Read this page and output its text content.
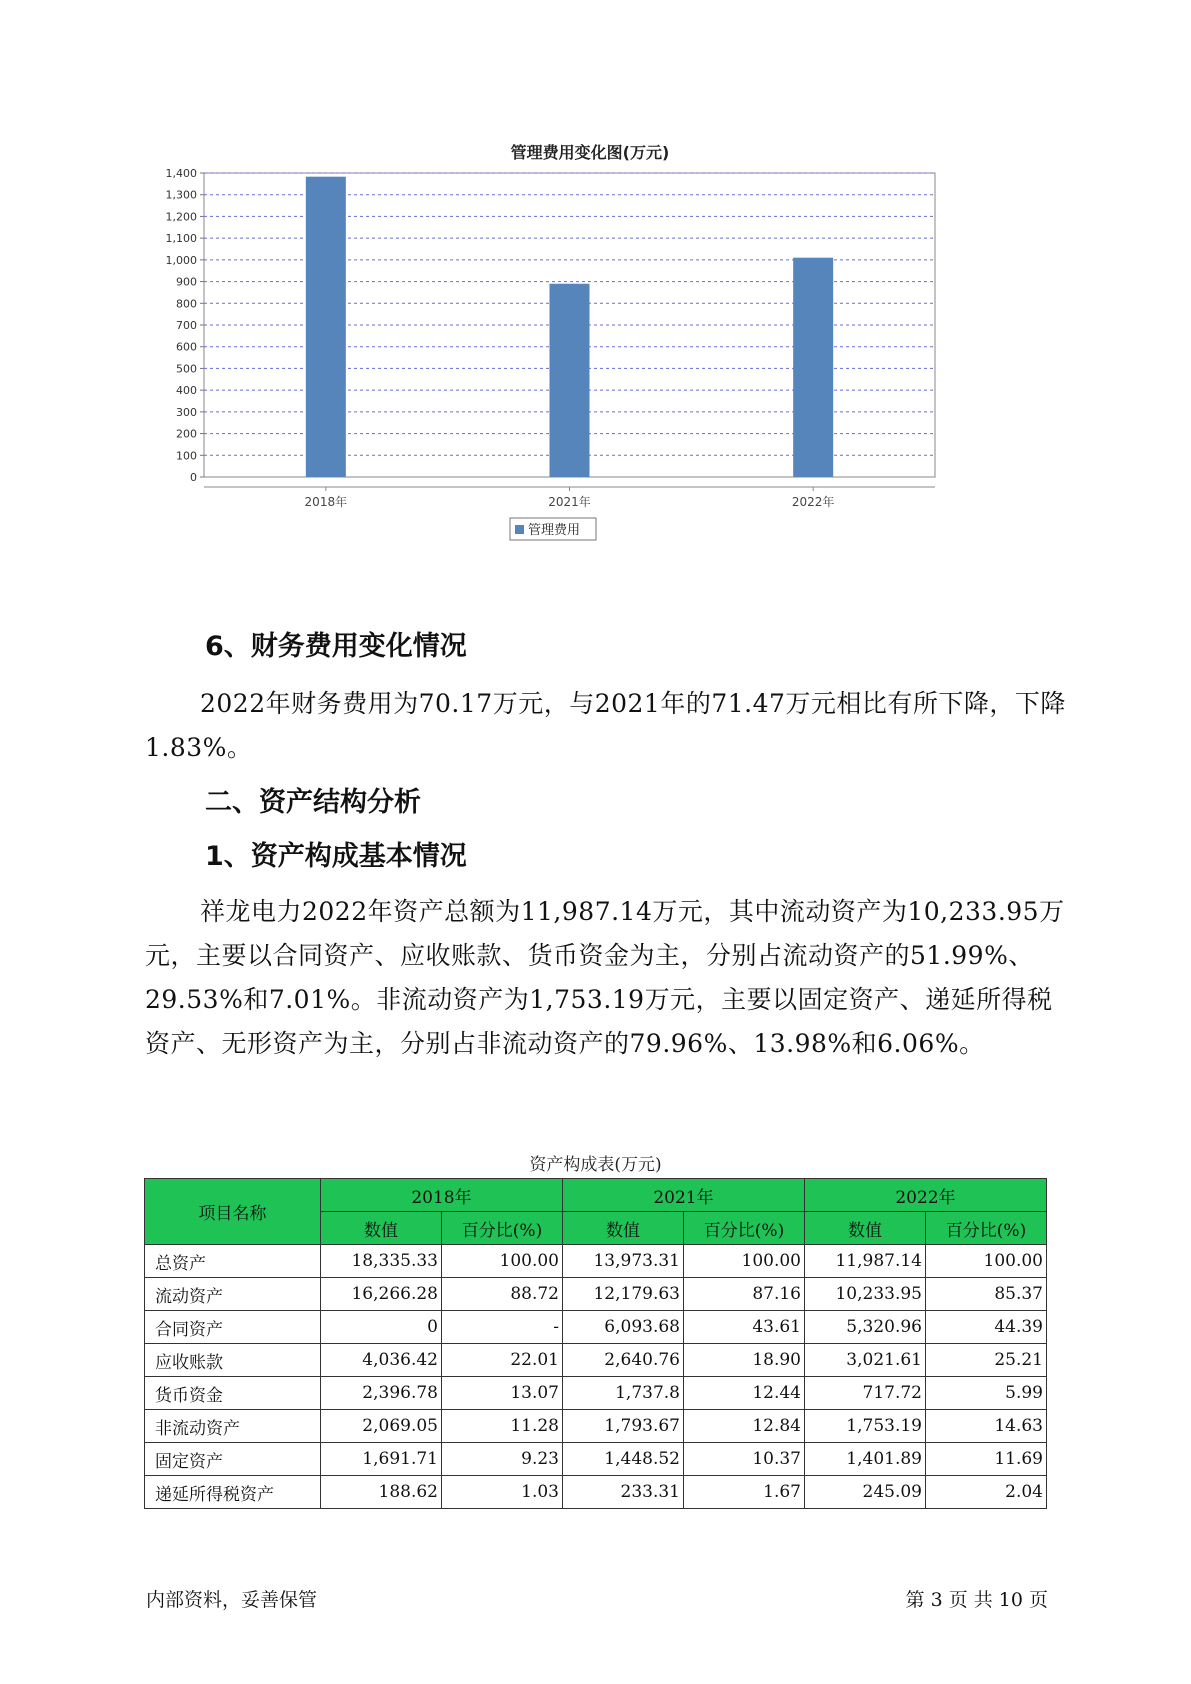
管理费用变化图(万元)
0
100
200
300
400
500
600
700
800
900
1,000
1,100
1,200
1,300
1,400
2018年	2021年	2022年
管理费用
6、财务费用变化情况
2022年财务费用为70.17万元，与2021年的71.47万元相比有所下降，下降1.83%。
二、资产结构分析
1、资产构成基本情况
祥龙电力2022年资产总额为11,987.14万元，其中流动资产为10,233.95万元，主要以合同资产、应收账款、货币资金为主，分别占流动资产的51.99%、29.53%和7.01%。非流动资产为1,753.19万元，主要以固定资产、递延所得税资产、无形资产为主，分别占非流动资产的79.96%、13.98%和6.06%。
资产构成表(万元)
项目名称	2018年		2021年		2022年	
	数值	百分比(%)	数值	百分比(%)	数值	百分比(%)
总资产	18,335.33	100.00	13,973.31	100.00	11,987.14	100.00
流动资产	16,266.28	88.72	12,179.63	87.16	10,233.95	85.37
合同资产	0	-	6,093.68	43.61	5,320.96	44.39
应收账款	4,036.42	22.01	2,640.76	18.90	3,021.61	25.21
货币资金	2,396.78	13.07	1,737.8	12.44	717.72	5.99
非流动资产	2,069.05	11.28	1,793.67	12.84	1,753.19	14.63
固定资产	1,691.71	9.23	1,448.52	10.37	1,401.89	11.69
递延所得税资产	188.62	1.03	233.31	1.67	245.09	2.04
内部资料，妥善保管	第 3 页 共 10 页
